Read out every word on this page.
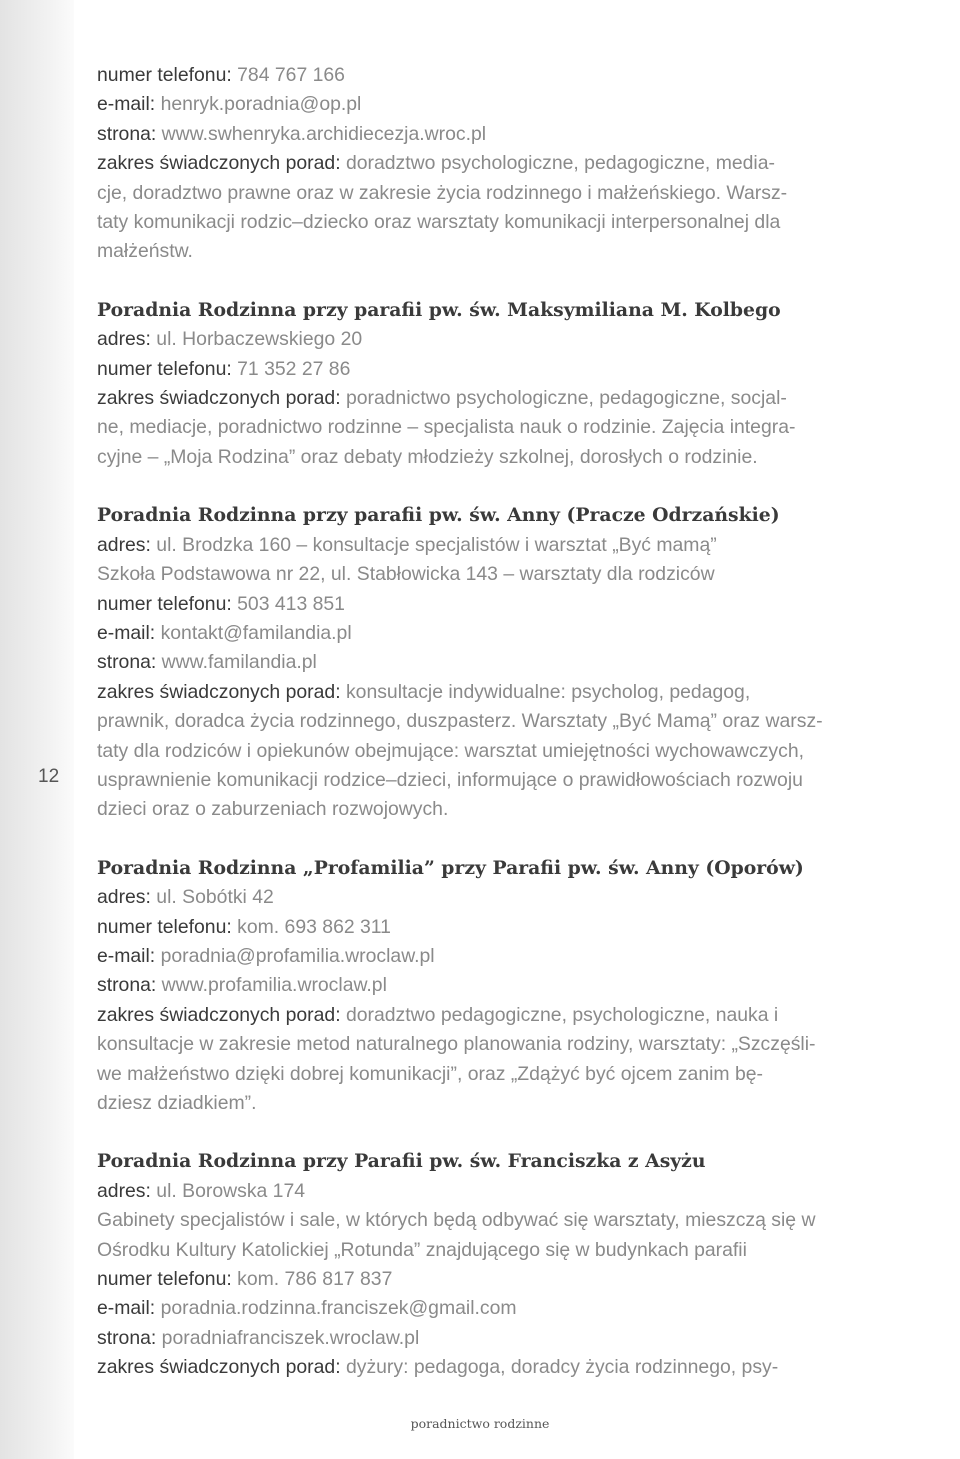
12
numer telefonu: 784 767 166
e-mail: henryk.poradnia@op.pl
strona: www.swhenryka.archidiecezja.wroc.pl
zakres świadczonych porad: doradztwo psychologiczne, pedagogiczne, media-
cje, doradztwo prawne oraz w zakresie życia rodzinnego i małżeńskiego. Warsz-
taty komunikacji rodzic–dziecko oraz warsztaty komunikacji interpersonalnej dla
małżeństw.
Poradnia Rodzinna przy parafii pw. św. Maksymiliana M. Kolbego
adres: ul. Horbaczewskiego 20
numer telefonu: 71 352 27 86
zakres świadczonych porad: poradnictwo psychologiczne, pedagogiczne, socjal-
ne, mediacje, poradnictwo rodzinne – specjalista nauk o rodzinie. Zajęcia integra-
cyjne – „Moja Rodzina” oraz debaty młodzieży szkolnej, dorosłych o rodzinie.
Poradnia Rodzinna przy parafii pw. św. Anny (Pracze Odrzańskie)
adres: ul. Brodzka 160 – konsultacje specjalistów i warsztat „Być mamą”
Szkoła Podstawowa nr 22, ul. Stabłowicka 143 – warsztaty dla rodziców
numer telefonu: 503 413 851
e-mail: kontakt@familandia.pl
strona: www.familandia.pl
zakres świadczonych porad: konsultacje indywidualne: psycholog, pedagog,
prawnik, doradca życia rodzinnego, duszpasterz. Warsztaty „Być Mamą” oraz warsz-
taty dla rodziców i opiekunów obejmujące: warsztat umiejętności wychowawczych,
usprawnienie komunikacji rodzice–dzieci, informujące o prawidłowościach rozwoju
dzieci oraz o zaburzeniach rozwojowych.
Poradnia Rodzinna „Profamilia” przy Parafii pw. św. Anny (Oporów)
adres: ul. Sobótki 42
numer telefonu: kom. 693 862 311
e-mail: poradnia@profamilia.wroclaw.pl
strona: www.profamilia.wroclaw.pl
zakres świadczonych porad: doradztwo pedagogiczne, psychologiczne, nauka i
konsultacje w zakresie metod naturalnego planowania rodziny, warsztaty: „Szczęśli-
we małżeństwo dzięki dobrej komunikacji”, oraz „Zdążyć być ojcem zanim bę-
dziesz dziadkiem”.
Poradnia Rodzinna przy Parafii pw. św. Franciszka z Asyżu
adres: ul. Borowska 174
Gabinety specjalistów i sale, w których będą odbywać się warsztaty, mieszczą się w
Ośrodku Kultury Katolickiej „Rotunda” znajdującego się w budynkach parafii
numer telefonu: kom. 786 817 837
e-mail: poradnia.rodzinna.franciszek@gmail.com
strona: poradniafranciszek.wroclaw.pl
zakres świadczonych porad: dyżury: pedagoga, doradcy życia rodzinnego, psy-
poradnictwo rodzinne
